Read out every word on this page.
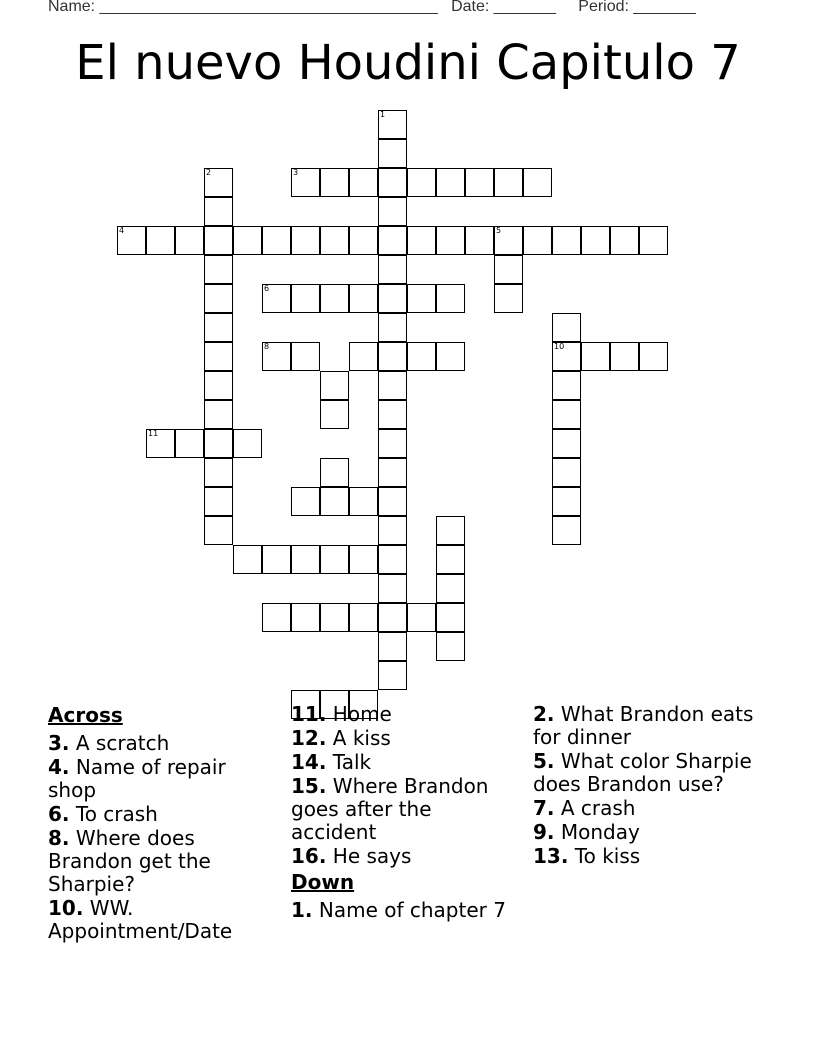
Name: ______________________________________ Date: _______ Period: _______
El nuevo Houdini Capitulo 7
1
2	3
4	5
6
8	10
11
Across
3. A scratch
4. Name of repair shop
6. To crash
8. Where does Brandon get the Sharpie?
10. WW. Appointment/Date
11. Home
12. A kiss
14. Talk
15. Where Brandon goes after the accident
16. He says
Down
1. Name of chapter 7
2. What Brandon eats for dinner
5. What color Sharpie does Brandon use?
7. A crash
9. Monday
13. To kiss
